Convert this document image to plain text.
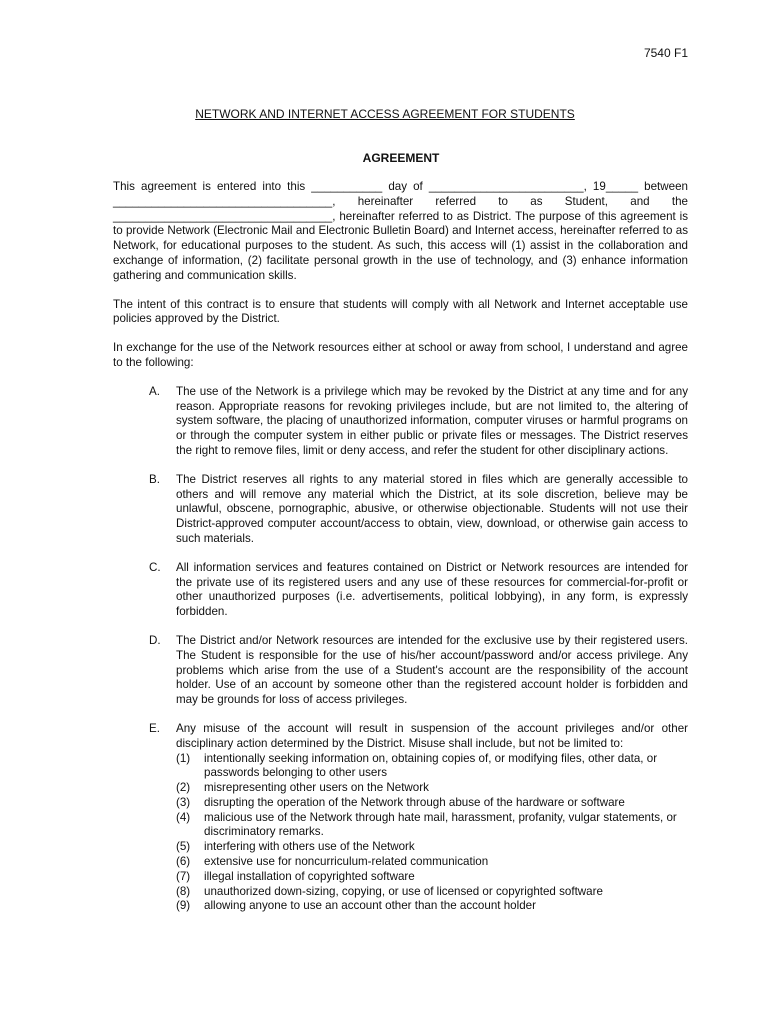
7540 F1
NETWORK AND INTERNET ACCESS AGREEMENT FOR STUDENTS
AGREEMENT

This agreement is entered into this ___________ day of ________________________, 19_____ between __________________________________, hereinafter referred to as Student, and the __________________________________, hereinafter referred to as District. The purpose of this agreement is to provide Network (Electronic Mail and Electronic Bulletin Board) and Internet access, hereinafter referred to as Network, for educational purposes to the student. As such, this access will (1) assist in the collaboration and exchange of information, (2) facilitate personal growth in the use of technology, and (3) enhance information gathering and communication skills.

The intent of this contract is to ensure that students will comply with all Network and Internet acceptable use policies approved by the District.

In exchange for the use of the Network resources either at school or away from school, I understand and agree to the following:

A. The use of the Network is a privilege which may be revoked by the District at any time and for any reason. Appropriate reasons for revoking privileges include, but are not limited to, the altering of system software, the placing of unauthorized information, computer viruses or harmful programs on or through the computer system in either public or private files or messages. The District reserves the right to remove files, limit or deny access, and refer the student for other disciplinary actions.
B. The District reserves all rights to any material stored in files which are generally accessible to others and will remove any material which the District, at its sole discretion, believe may be unlawful, obscene, pornographic, abusive, or otherwise objectionable. Students will not use their District-approved computer account/access to obtain, view, download, or otherwise gain access to such materials.
C. All information services and features contained on District or Network resources are intended for the private use of its registered users and any use of these resources for commercial-for-profit or other unauthorized purposes (i.e. advertisements, political lobbying), in any form, is expressly forbidden.
D. The District and/or Network resources are intended for the exclusive use by their registered users. The Student is responsible for the use of his/her account/password and/or access privilege. Any problems which arise from the use of a Student's account are the responsibility of the account holder. Use of an account by someone other than the registered account holder is forbidden and may be grounds for loss of access privileges.
E. Any misuse of the account will result in suspension of the account privileges and/or other disciplinary action determined by the District. Misuse shall include, but not be limited to:
(1) intentionally seeking information on, obtaining copies of, or modifying files, other data, or passwords belonging to other users
(2) misrepresenting other users on the Network
(3) disrupting the operation of the Network through abuse of the hardware or software
(4) malicious use of the Network through hate mail, harassment, profanity, vulgar statements, or discriminatory remarks.
(5) interfering with others use of the Network
(6) extensive use for noncurriculum-related communication
(7) illegal installation of copyrighted software
(8) unauthorized down-sizing, copying, or use of licensed or copyrighted software
(9) allowing anyone to use an account other than the account holder
